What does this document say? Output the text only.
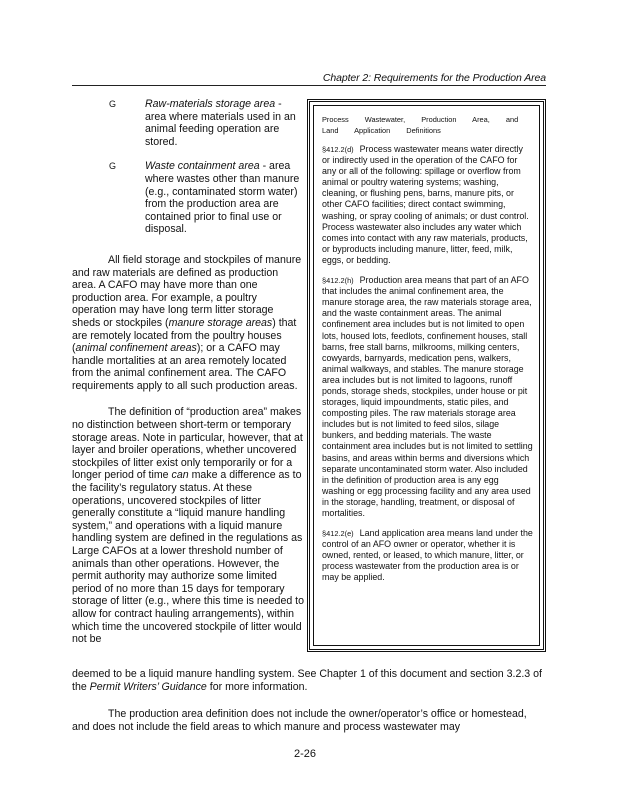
Chapter 2: Requirements for the Production Area
G	Raw-materials storage area - area where materials used in an animal feeding operation are stored.
G	Waste containment area - area where wastes other than manure (e.g., contaminated storm water) from the production area are contained prior to final use or disposal.

All field storage and stockpiles of manure and raw materials are defined as production area. A CAFO may have more than one production area. For example, a poultry operation may have long term litter storage sheds or stockpiles (manure storage areas) that are remotely located from the poultry houses (animal confinement areas); or a CAFO may handle mortalities at an area remotely located from the animal confinement area. The CAFO requirements apply to all such production areas.

The definition of “production area” makes no distinction between short-term or temporary storage areas. Note in particular, however, that at layer and broiler operations, whether uncovered stockpiles of litter exist only temporarily or for a longer period of time can make a difference as to the facility’s regulatory status. At these operations, uncovered stockpiles of litter generally constitute a “liquid manure handling system,” and operations with a liquid manure handling system are defined in the regulations as Large CAFOs at a lower threshold number of animals than other operations. However, the permit authority may authorize some limited period of no more than 15 days for temporary storage of litter (e.g., where this time is needed to allow for contract hauling arrangements), within which time the uncovered stockpile of litter would not be

Process Wastewater, Production Area, and Land Application Definitions

§412.2(d) Process wastewater means water directly or indirectly used in the operation of the CAFO for any or all of the following: spillage or overflow from animal or poultry watering systems; washing, cleaning, or flushing pens, barns, manure pits, or other CAFO facilities; direct contact swimming, washing, or spray cooling of animals; or dust control. Process wastewater also includes any water which comes into contact with any raw materials, products, or byproducts including manure, litter, feed, milk, eggs, or bedding.

§412.2(h) Production area means that part of an AFO that includes the animal confinement area, the manure storage area, the raw materials storage area, and the waste containment areas. The animal confinement area includes but is not limited to open lots, housed lots, feedlots, confinement houses, stall barns, free stall barns, milkrooms, milking centers, cowyards, barnyards, medication pens, walkers, animal walkways, and stables. The manure storage area includes but is not limited to lagoons, runoff ponds, storage sheds, stockpiles, under house or pit storages, liquid impoundments, static piles, and composting piles. The raw materials storage area includes but is not limited to feed silos, silage bunkers, and bedding materials. The waste containment area includes but is not limited to settling basins, and areas within berms and diversions which separate uncontaminated storm water. Also included in the definition of production area is any egg washing or egg processing facility and any area used in the storage, handling, treatment, or disposal of mortalities.

§412.2(e) Land application area means land under the control of an AFO owner or operator, whether it is owned, rented, or leased, to which manure, litter, or process wastewater from the production area is or may be applied.

deemed to be a liquid manure handling system. See Chapter 1 of this document and section 3.2.3 of the Permit Writers’ Guidance for more information.

The production area definition does not include the owner/operator’s office or homestead, and does not include the field areas to which manure and process wastewater may

2-26
